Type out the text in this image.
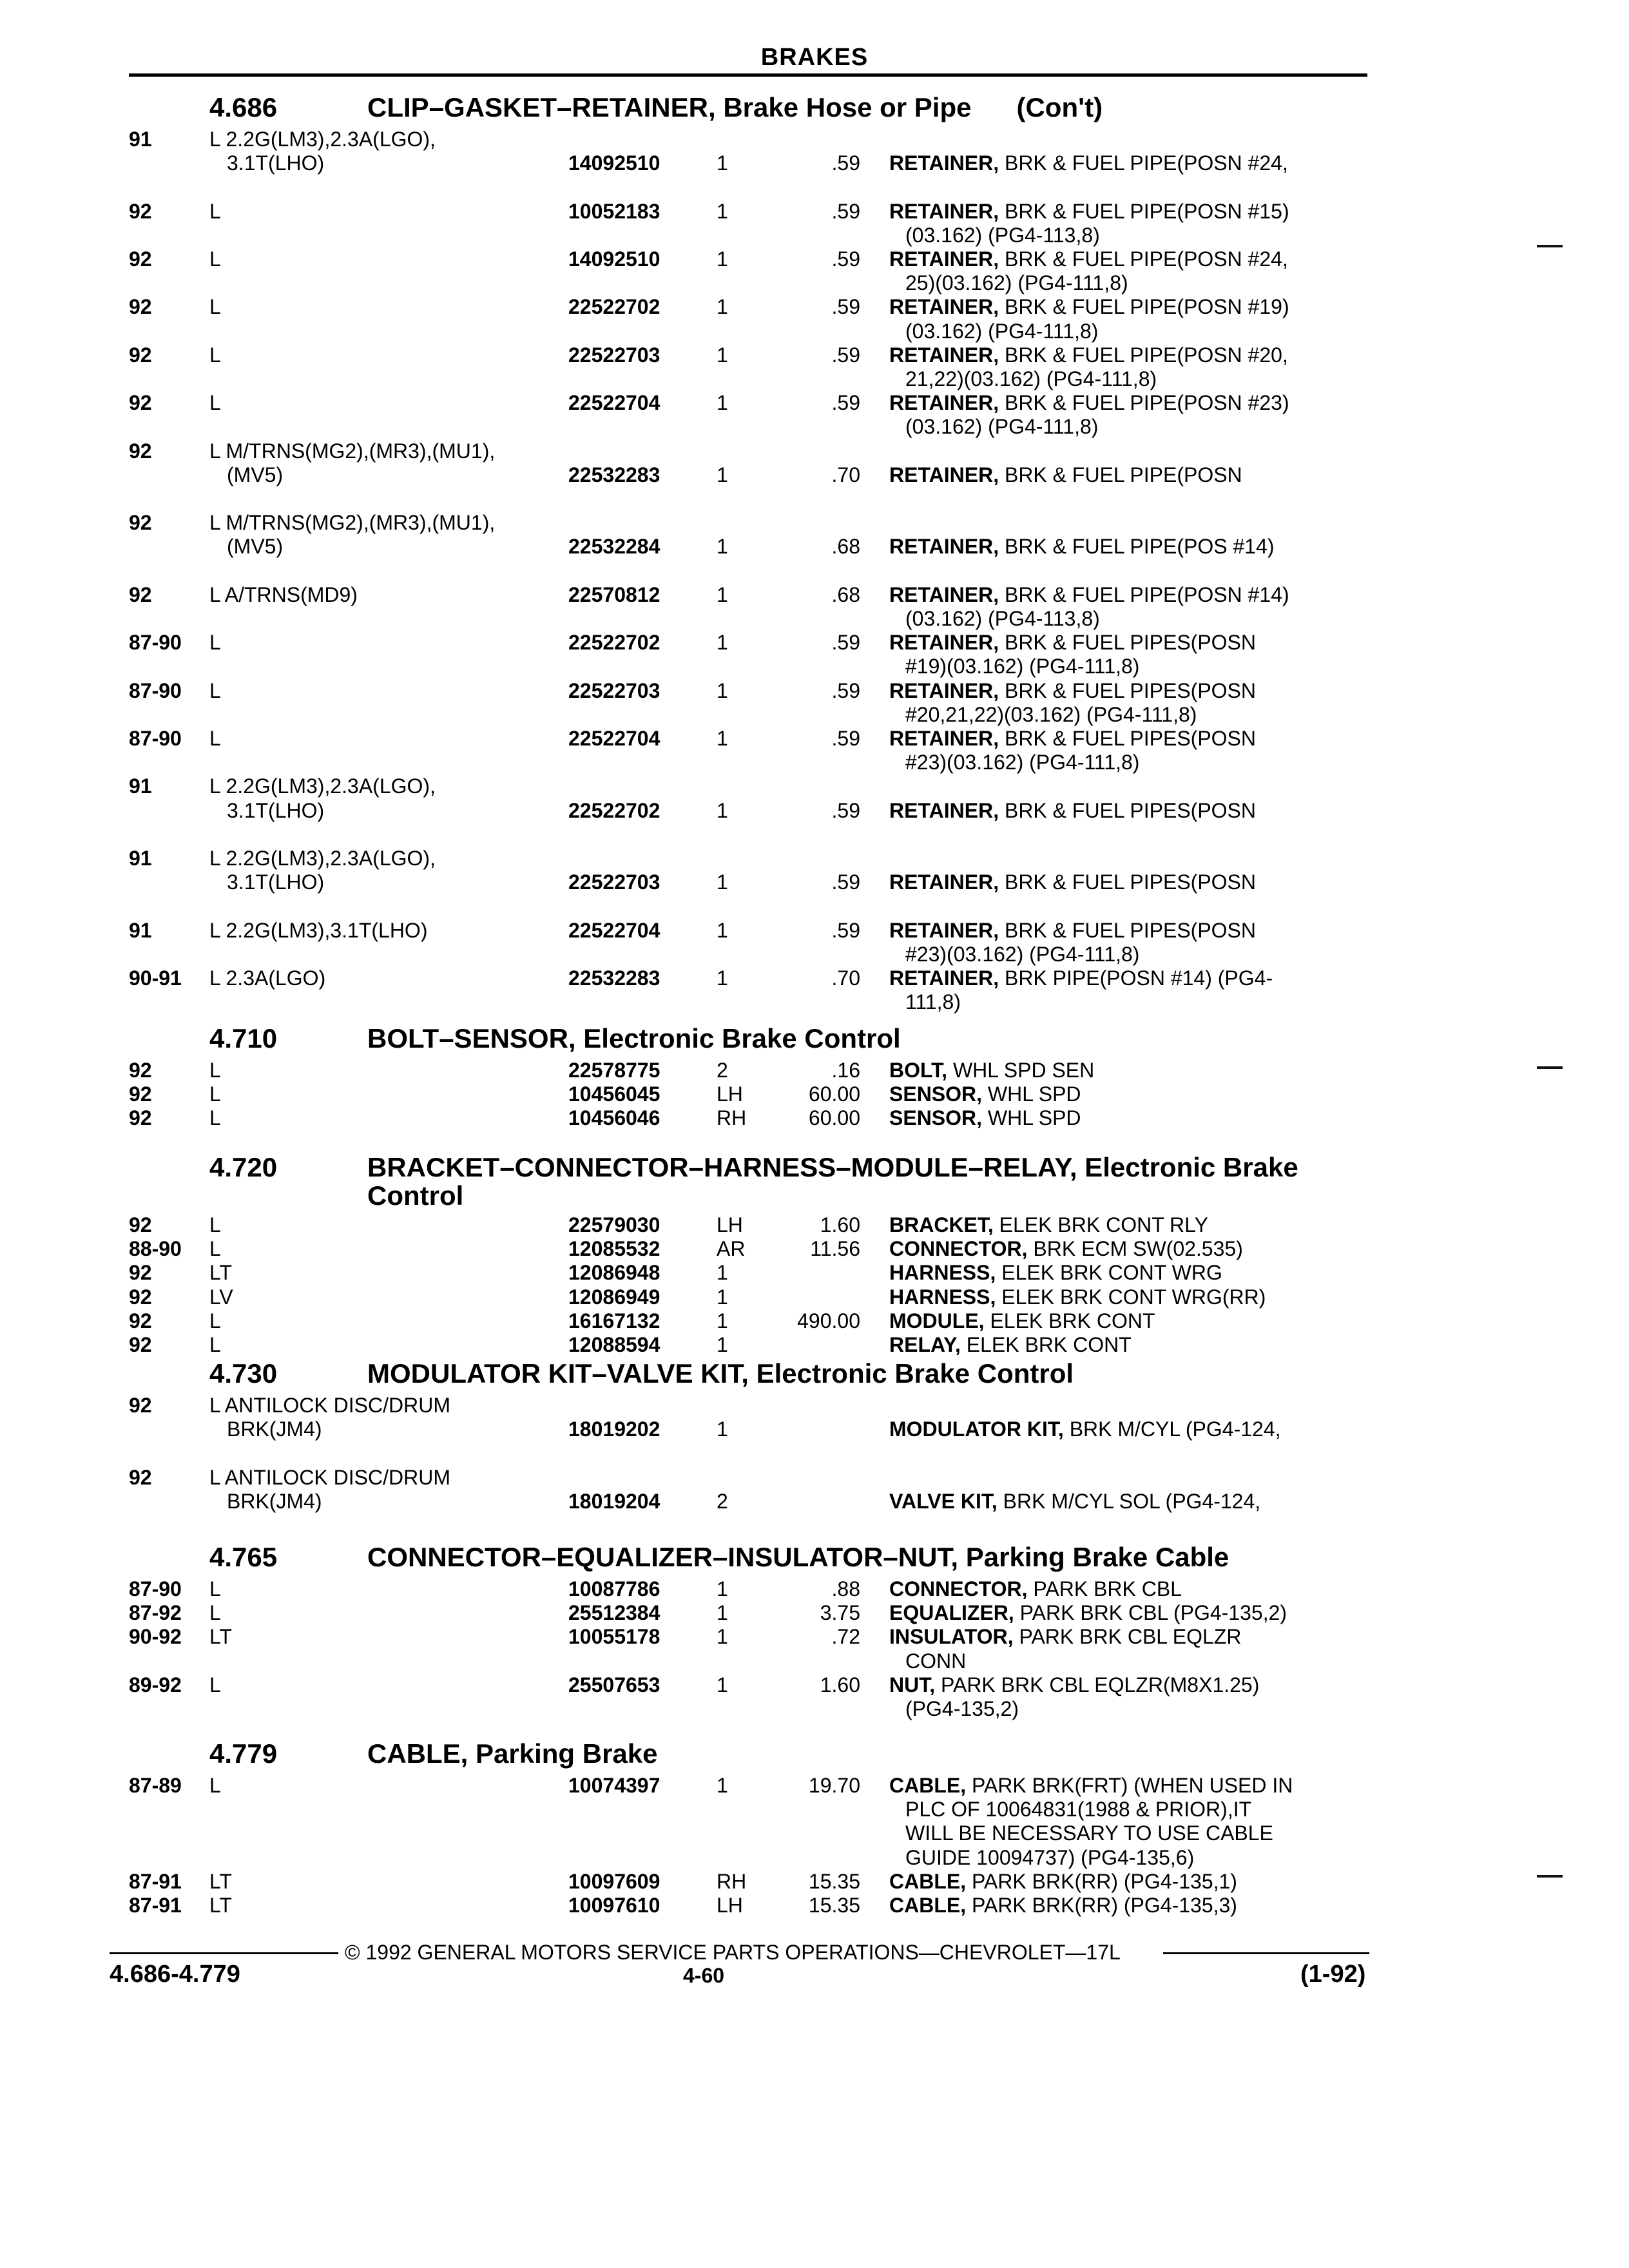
BRAKES
4.686	CLIP–GASKET–RETAINER, Brake Hose or Pipe (Con't)
91	L 2.2G(LM3),2.3A(LGO),
3.1T(LHO)	14092510	1	.59 RETAINER, BRK & FUEL PIPE(POSN #24,
92	L	10052183	1	.59 RETAINER, BRK & FUEL PIPE(POSN #15)
(03.162) (PG4-113,8)
92	L	14092510	1	.59 RETAINER, BRK & FUEL PIPE(POSN #24,
25)(03.162) (PG4-111,8)
92	L	22522702	1	.59 RETAINER, BRK & FUEL PIPE(POSN #19)
(03.162) (PG4-111,8)
92	L	22522703	1	.59 RETAINER, BRK & FUEL PIPE(POSN #20,
21,22)(03.162) (PG4-111,8)
92	L	22522704	1	.59 RETAINER, BRK & FUEL PIPE(POSN #23)
(03.162) (PG4-111,8)
92	L M/TRNS(MG2),(MR3),(MU1),
(MV5)	22532283	1	.70 RETAINER, BRK & FUEL PIPE(POSN
92	L M/TRNS(MG2),(MR3),(MU1),
(MV5)	22532284	1	.68 RETAINER, BRK & FUEL PIPE(POS #14)
92	L A/TRNS(MD9)	22570812	1	.68 RETAINER, BRK & FUEL PIPE(POSN #14)
(03.162) (PG4-113,8)
87-90 L	22522702	1	.59 RETAINER, BRK & FUEL PIPES(POSN
#19)(03.162) (PG4-111,8)
87-90 L	22522703	1	.59 RETAINER, BRK & FUEL PIPES(POSN
#20,21,22)(03.162) (PG4-111,8)
87-90 L	22522704	1	.59 RETAINER, BRK & FUEL PIPES(POSN
#23)(03.162) (PG4-111,8)
91	L 2.2G(LM3),2.3A(LGO),
3.1T(LHO)	22522702	1	.59 RETAINER, BRK & FUEL PIPES(POSN
91	L 2.2G(LM3),2.3A(LGO),
3.1T(LHO)	22522703	1	.59 RETAINER, BRK & FUEL PIPES(POSN
91	L 2.2G(LM3),3.1T(LHO)	22522704	1	.59 RETAINER, BRK & FUEL PIPES(POSN
#23)(03.162) (PG4-111,8)
90-91 L 2.3A(LGO)	22532283	1	.70 RETAINER, BRK PIPE(POSN #14) (PG4-
111,8)
4.710	BOLT–SENSOR, Electronic Brake Control
92	L	22578775	2	.16 BOLT, WHL SPD SEN
92	L	10456045	LH	60.00 SENSOR, WHL SPD
92	L	10456046	RH	60.00 SENSOR, WHL SPD
4.720	BRACKET–CONNECTOR–HARNESS–MODULE–RELAY, Electronic Brake
Control
92	L	22579030	LH	1.60 BRACKET, ELEK BRK CONT RLY
88-90 L	12085532	AR	11.56 CONNECTOR, BRK ECM SW(02.535)
92	LT	12086948	1	HARNESS, ELEK BRK CONT WRG
92	LV	12086949	1	HARNESS, ELEK BRK CONT WRG(RR)
92	L	16167132	1	490.00 MODULE, ELEK BRK CONT
92	L	12088594	1	RELAY, ELEK BRK CONT
4.730	MODULATOR KIT–VALVE KIT, Electronic Brake Control
92	L ANTILOCK DISC/DRUM
BRK(JM4)	18019202	1	MODULATOR KIT, BRK M/CYL (PG4-124,
92	L ANTILOCK DISC/DRUM
BRK(JM4)	18019204	2	VALVE KIT, BRK M/CYL SOL (PG4-124,
4.765	CONNECTOR–EQUALIZER–INSULATOR–NUT, Parking Brake Cable
87-90 L	10087786	1	.88 CONNECTOR, PARK BRK CBL
87-92 L	25512384	1	3.75 EQUALIZER, PARK BRK CBL (PG4-135,2)
90-92 LT	10055178	1	.72 INSULATOR, PARK BRK CBL EQLZR
CONN
89-92 L	25507653	1	1.60 NUT, PARK BRK CBL EQLZR(M8X1.25)
(PG4-135,2)
4.779	CABLE, Parking Brake
87-89 L	10074397	1	19.70 CABLE, PARK BRK(FRT) (WHEN USED IN
PLC OF 10064831(1988 & PRIOR),IT
WILL BE NECESSARY TO USE CABLE
GUIDE 10094737) (PG4-135,6)
87-91 LT	10097609	RH	15.35 CABLE, PARK BRK(RR) (PG4-135,1)
87-91 LT	10097610	LH	15.35 CABLE, PARK BRK(RR) (PG4-135,3)
© 1992 GENERAL MOTORS SERVICE PARTS OPERATIONS—CHEVROLET—17L
4.686-4.779	4-60	(1-92)
